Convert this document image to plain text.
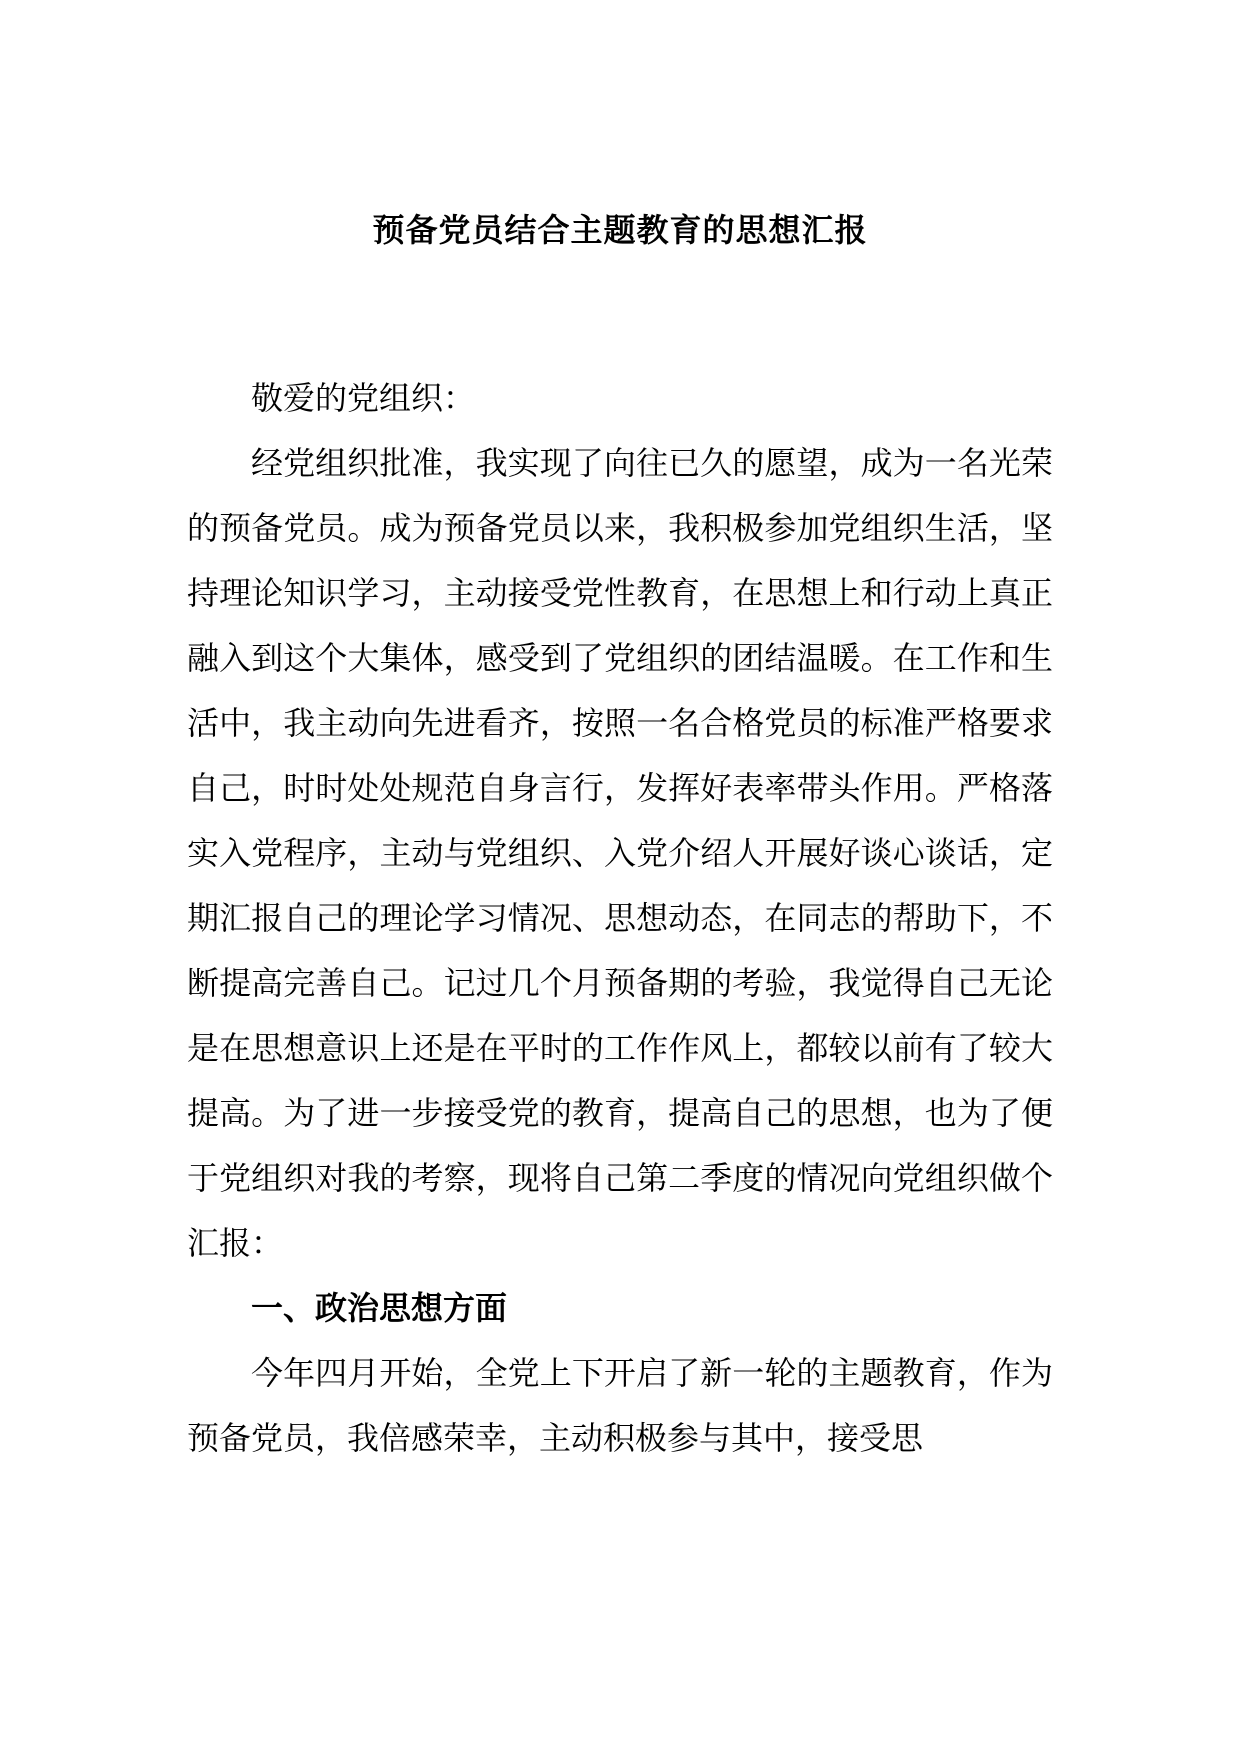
预备党员结合主题教育的思想汇报

敬爱的党组织：

经党组织批准，我实现了向往已久的愿望，成为一名光荣的预备党员。成为预备党员以来，我积极参加党组织生活，坚持理论知识学习，主动接受党性教育，在思想上和行动上真正融入到这个大集体，感受到了党组织的团结温暖。在工作和生活中，我主动向先进看齐，按照一名合格党员的标准严格要求自己，时时处处规范自身言行，发挥好表率带头作用。严格落实入党程序，主动与党组织、入党介绍人开展好谈心谈话，定期汇报自己的理论学习情况、思想动态，在同志的帮助下，不断提高完善自己。记过几个月预备期的考验，我觉得自己无论是在思想意识上还是在平时的工作作风上，都较以前有了较大提高。为了进一步接受党的教育，提高自己的思想，也为了便于党组织对我的考察，现将自己第二季度的情况向党组织做个汇报：

一、政治思想方面

今年四月开始，全党上下开启了新一轮的主题教育，作为预备党员，我倍感荣幸，主动积极参与其中，接受思
